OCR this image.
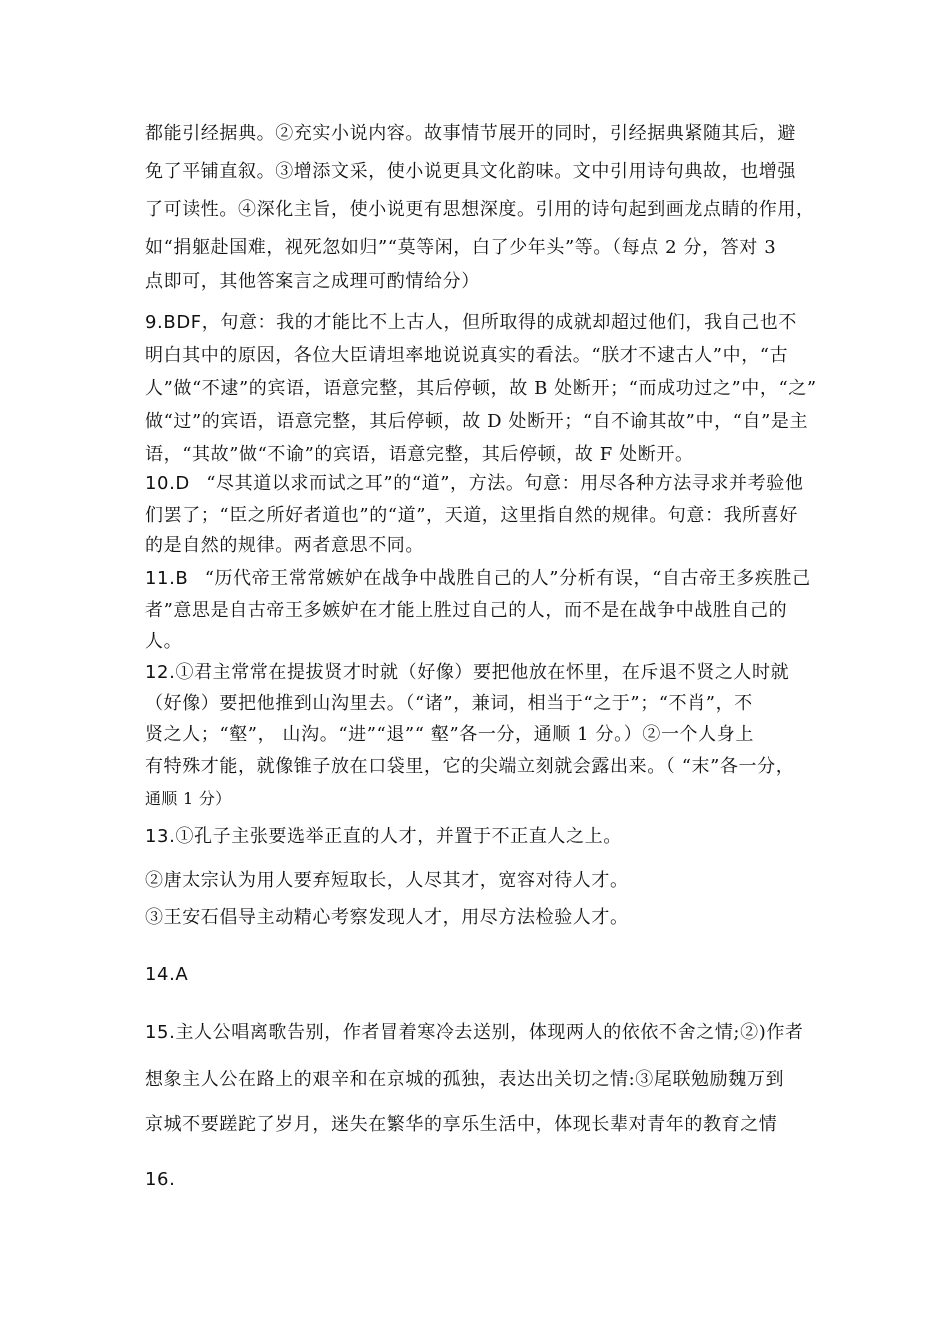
都能引经据典。②充实小说内容。故事情节展开的同时，引经据典紧随其后，避
免了平铺直叙。③增添文采，使小说更具文化韵味。文中引用诗句典故，也增强
了可读性。④深化主旨，使小说更有思想深度。引用的诗句起到画龙点睛的作用，
如“捐躯赴国难，视死忽如归”“莫等闲，白了少年头”等。（每点 2 分，答对 3
点即可，其他答案言之成理可酌情给分）
9.BDF，句意：我的才能比不上古人，但所取得的成就却超过他们，我自己也不
明白其中的原因，各位大臣请坦率地说说真实的看法。“朕才不逮古人”中，“古
人”做“不逮”的宾语，语意完整，其后停顿，故 B 处断开；“而成功过之”中，“之”
做“过”的宾语，语意完整，其后停顿，故 D 处断开；“自不谕其故”中，“自”是主
语，“其故”做“不谕”的宾语，语意完整，其后停顿，故 F 处断开。
10.D “尽其道以求而试之耳”的“道”，方法。句意：用尽各种方法寻求并考验他
们罢了；“臣之所好者道也”的“道”，天道，这里指自然的规律。句意：我所喜好
的是自然的规律。两者意思不同。
11.B “历代帝王常常嫉妒在战争中战胜自己的人”分析有误，“自古帝王多疾胜己
者”意思是自古帝王多嫉妒在才能上胜过自己的人，而不是在战争中战胜自己的
人。
12.①君主常常在提拔贤才时就（好像）要把他放在怀里，在斥退不贤之人时就
（好像）要把他推到山沟里去。（“诸”，兼词，相当于“之于”；“不肖”，不
贤之人；“壑”， 山沟。“进”“退”“ 壑”各一分，通顺 1 分。）②一个人身上
有特殊才能，就像锥子放在口袋里，它的尖端立刻就会露出来。（ “末”各一分，
通顺 1 分）
13.①孔子主张要选举正直的人才，并置于不正直人之上。
②唐太宗认为用人要弃短取长，人尽其才，宽容对待人才。
③王安石倡导主动精心考察发现人才，用尽方法检验人才。
14.A
15.主人公唱离歌告别，作者冒着寒冷去送别，体现两人的依依不舍之情;②)作者
想象主人公在路上的艰辛和在京城的孤独，表达出关切之情:③尾联勉励魏万到
京城不要蹉跎了岁月，迷失在繁华的享乐生活中，体现长辈对青年的教育之情
16.
